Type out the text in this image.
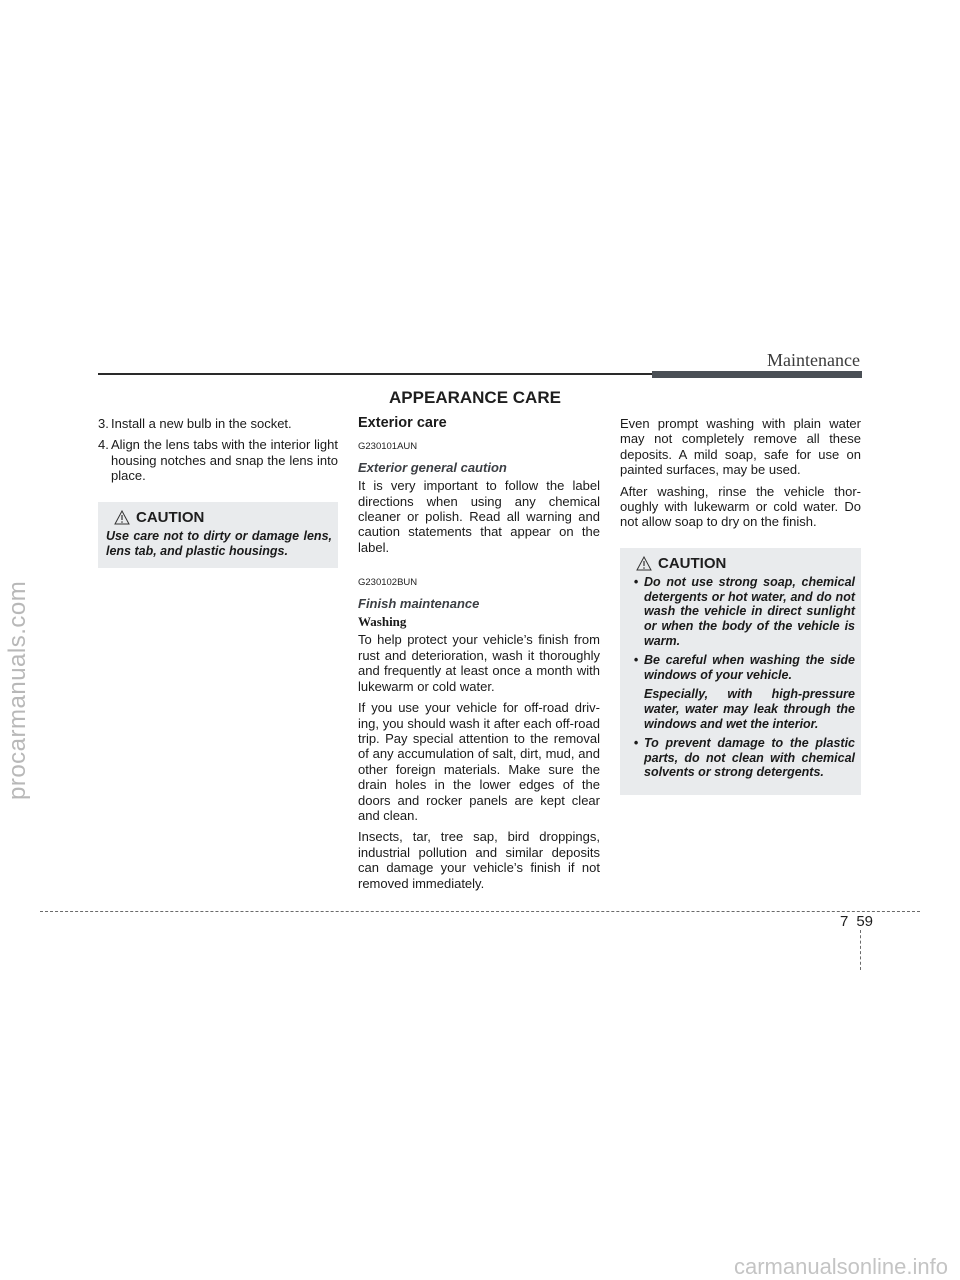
procarmanuals.com
carmanualsonline.info
Maintenance
APPEARANCE CARE
3. Install a new bulb in the socket.
4. Align the lens tabs with the interior light housing notches and snap the lens into place.
CAUTION
Use care not to dirty or damage lens, lens tab, and plastic housings.
Exterior care
G230101AUN
Exterior general caution

It is very important to follow the label directions when using any chemical cleaner or polish. Read all warning and caution statements that appear on the label.

G230102BUN
Finish maintenance
Washing

To help protect your vehicle’s finish from rust and deterioration, wash it thoroughly and frequently at least once a month with lukewarm or cold water.

If you use your vehicle for off-road driv-ing, you should wash it after each off-road trip. Pay special attention to the removal of any accumulation of salt, dirt, mud, and other foreign materials. Make sure the drain holes in the lower edges of the doors and rocker panels are kept clear and clean.

Insects, tar, tree sap, bird droppings, industrial pollution and similar deposits can damage your vehicle’s finish if not removed immediately.

Even prompt washing with plain water may not completely remove all these deposits. A mild soap, safe for use on painted surfaces, may be used.

After washing, rinse the vehicle thor-oughly with lukewarm or cold water. Do not allow soap to dry on the finish.

CAUTION
• Do not use strong soap, chemical detergents or hot water, and do not wash the vehicle in direct sunlight or when the body of the vehicle is warm.
• Be careful when washing the side windows of your vehicle.
Especially, with high-pressure water, water may leak through the windows and wet the interior.
• To prevent damage to the plastic parts, do not clean with chemical solvents or strong detergents.
7 59
